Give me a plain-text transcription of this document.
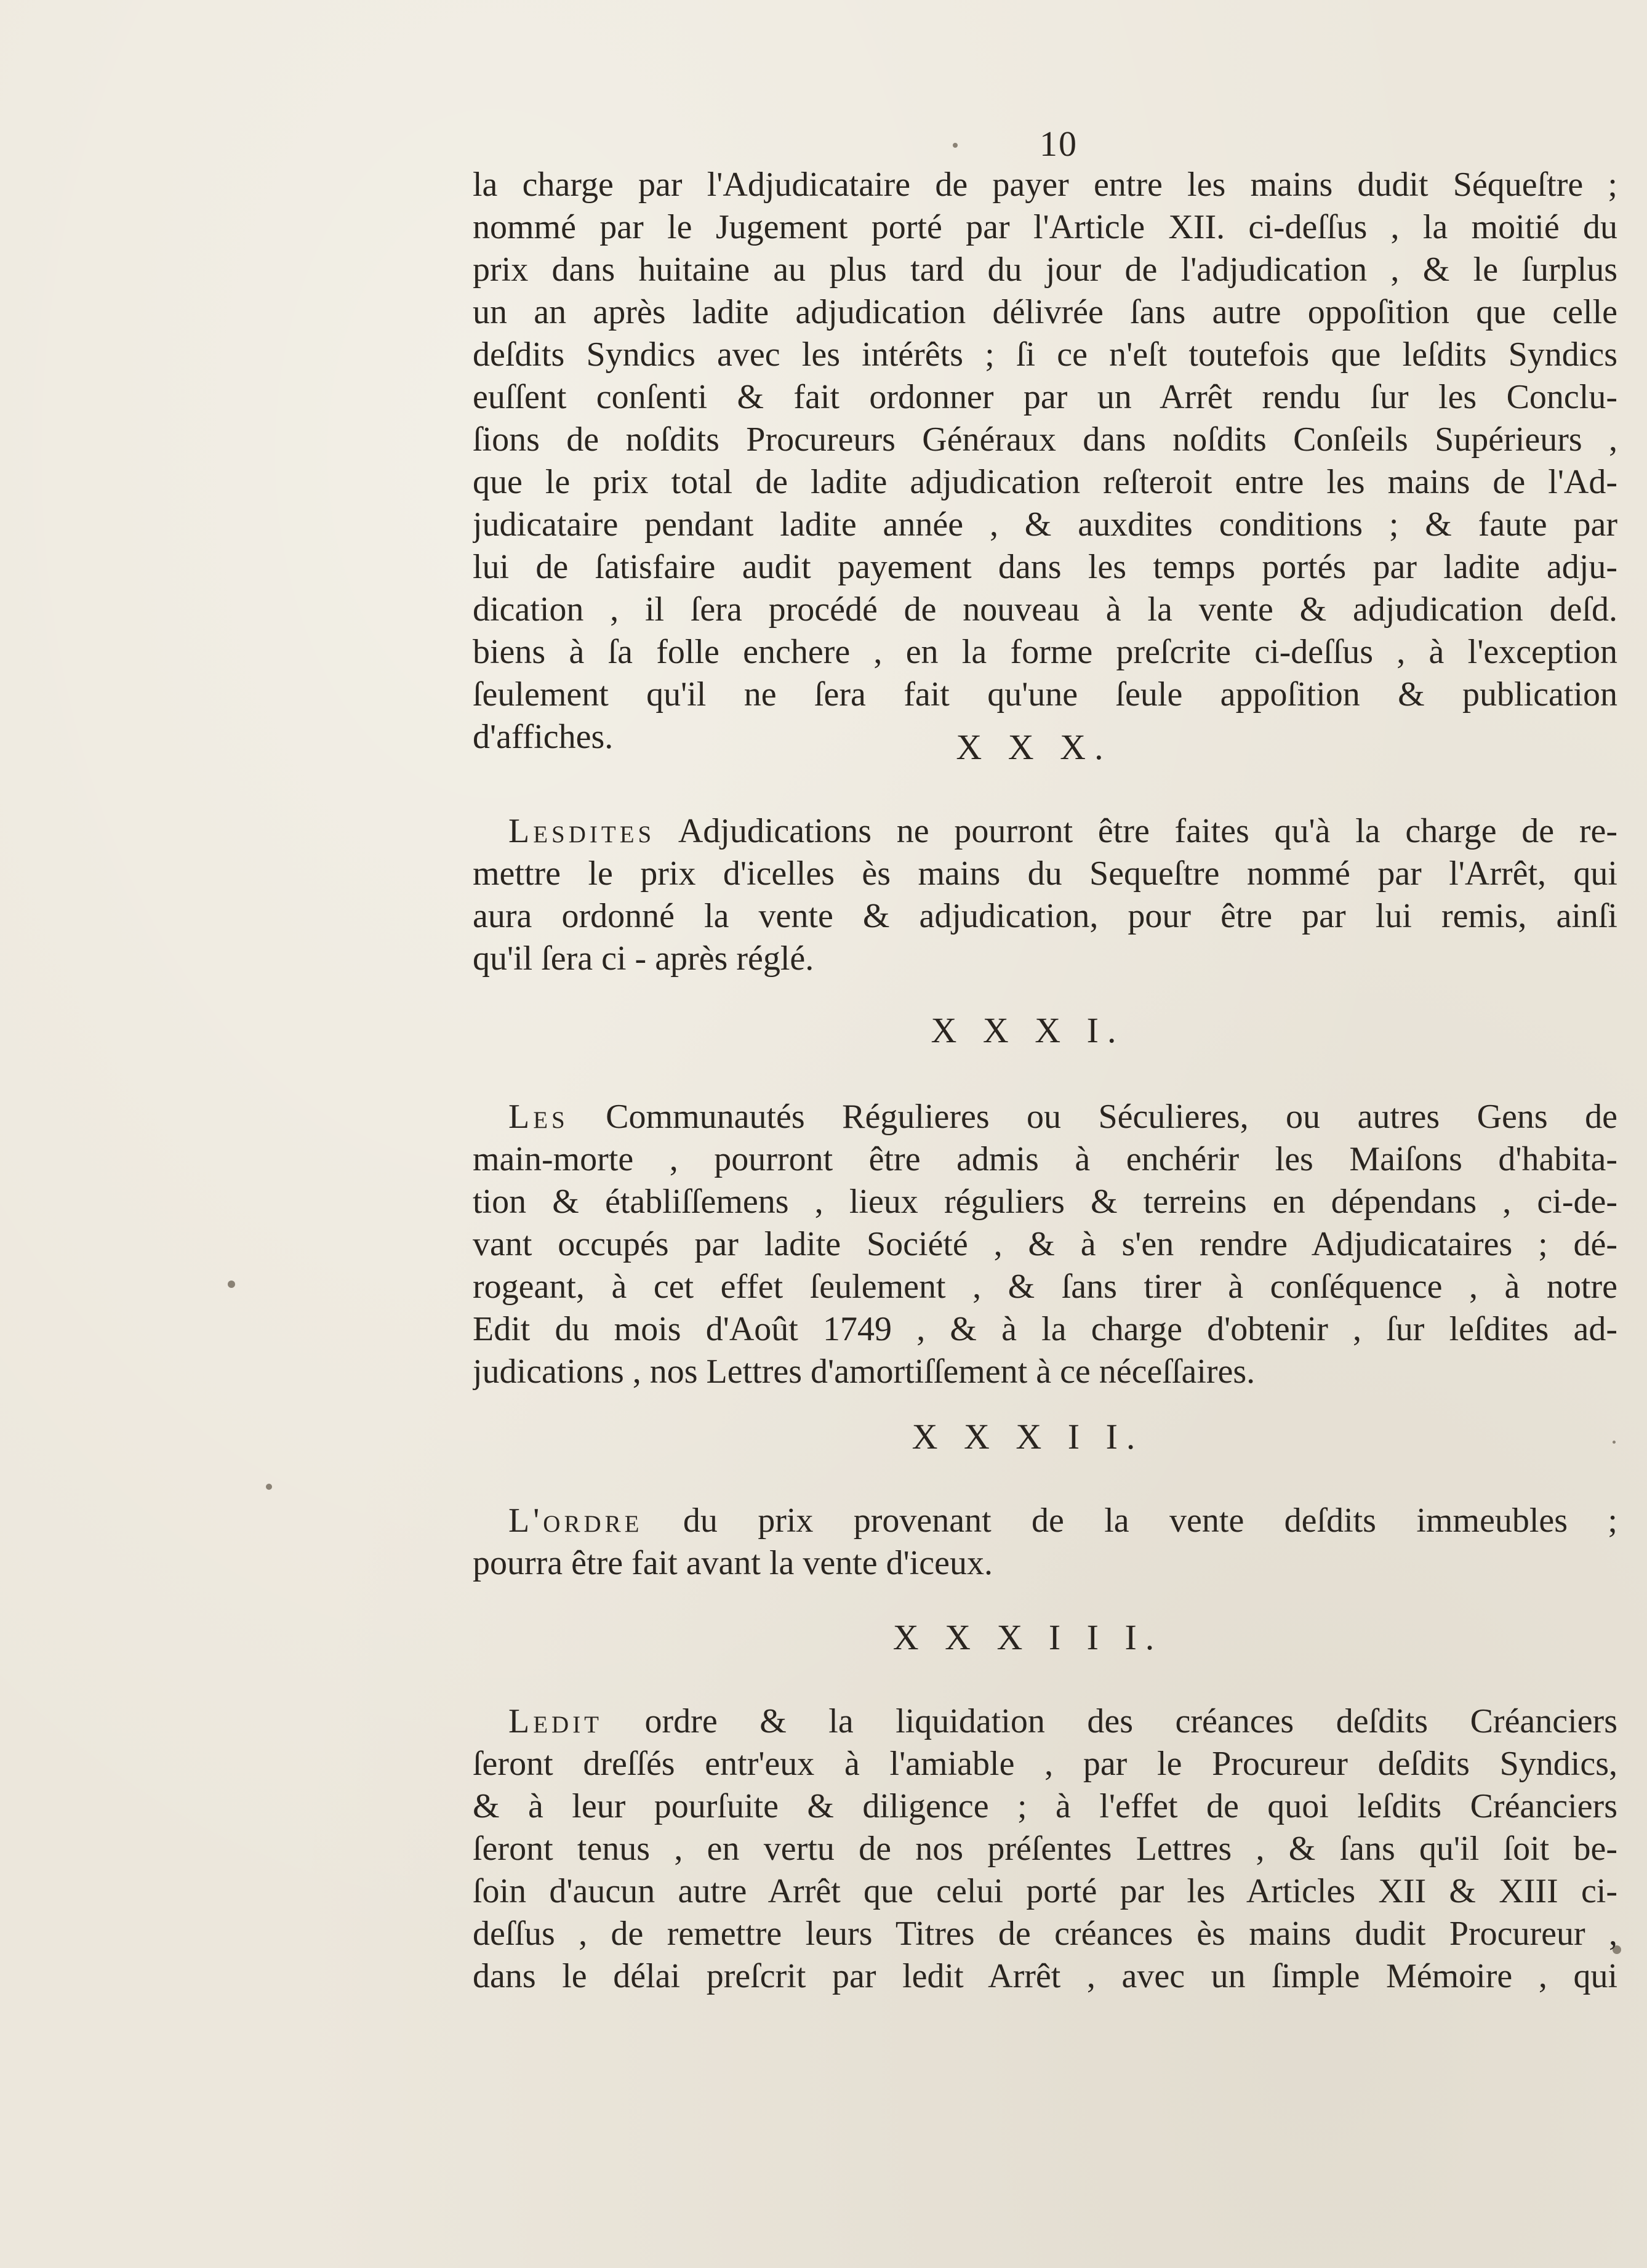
10
la charge par l'Adjudicataire de payer entre les mains dudit Séqueſtre ;
nommé par le Jugement porté par l'Article XII. ci-deſſus , la moitié du
prix dans huitaine au plus tard du jour de l'adjudication , & le ſurplus
un an après ladite adjudication délivrée ſans autre oppoſition que celle
deſdits Syndics avec les intérêts ; ſi ce n'eſt toutefois que leſdits Syndics
euſſent conſenti & fait ordonner par un Arrêt rendu ſur les Conclu-
ſions de noſdits Procureurs Généraux dans noſdits Conſeils Supérieurs ,
que le prix total de ladite adjudication reſteroit entre les mains de l'Ad-
judicataire pendant ladite année , & auxdites conditions ; & faute par
lui de ſatisfaire audit payement dans les temps portés par ladite adju-
dication , il ſera procédé de nouveau à la vente & adjudication deſd.
biens à ſa folle enchere , en la forme preſcrite ci-deſſus , à l'exception
ſeulement qu'il ne ſera fait qu'une ſeule appoſition & publication
d'affiches.	X X X.
Lesdites Adjudications ne pourront être faites qu'à la charge de re-
mettre le prix d'icelles ès mains du Sequeſtre nommé par l'Arrêt, qui
aura ordonné la vente & adjudication, pour être par lui remis, ainſi
qu'il ſera ci - après réglé.
X X X I.
Les Communautés Régulieres ou Séculieres, ou autres Gens de
main-morte , pourront être admis à enchérir les Maiſons d'habita-
tion & établiſſemens , lieux réguliers & terreins en dépendans , ci-de-
vant occupés par ladite Société , & à s'en rendre Adjudicataires ; dé-
rogeant, à cet effet ſeulement , & ſans tirer à conſéquence , à notre
Edit du mois d'Août 1749 , & à la charge d'obtenir , ſur leſdites ad-
judications , nos Lettres d'amortiſſement à ce néceſſaires.
X X X I I.
L'ordre du prix provenant de la vente deſdits immeubles ;
pourra être fait avant la vente d'iceux.
X X X I I I.
Ledit ordre & la liquidation des créances deſdits Créanciers
ſeront dreſſés entr'eux à l'amiable , par le Procureur deſdits Syndics,
& à leur pourſuite & diligence ; à l'effet de quoi leſdits Créanciers
ſeront tenus , en vertu de nos préſentes Lettres , & ſans qu'il ſoit be-
ſoin d'aucun autre Arrêt que celui porté par les Articles XII & XIII ci-
deſſus , de remettre leurs Titres de créances ès mains dudit Procureur ,
dans le délai preſcrit par ledit Arrêt , avec un ſimple Mémoire , qui
